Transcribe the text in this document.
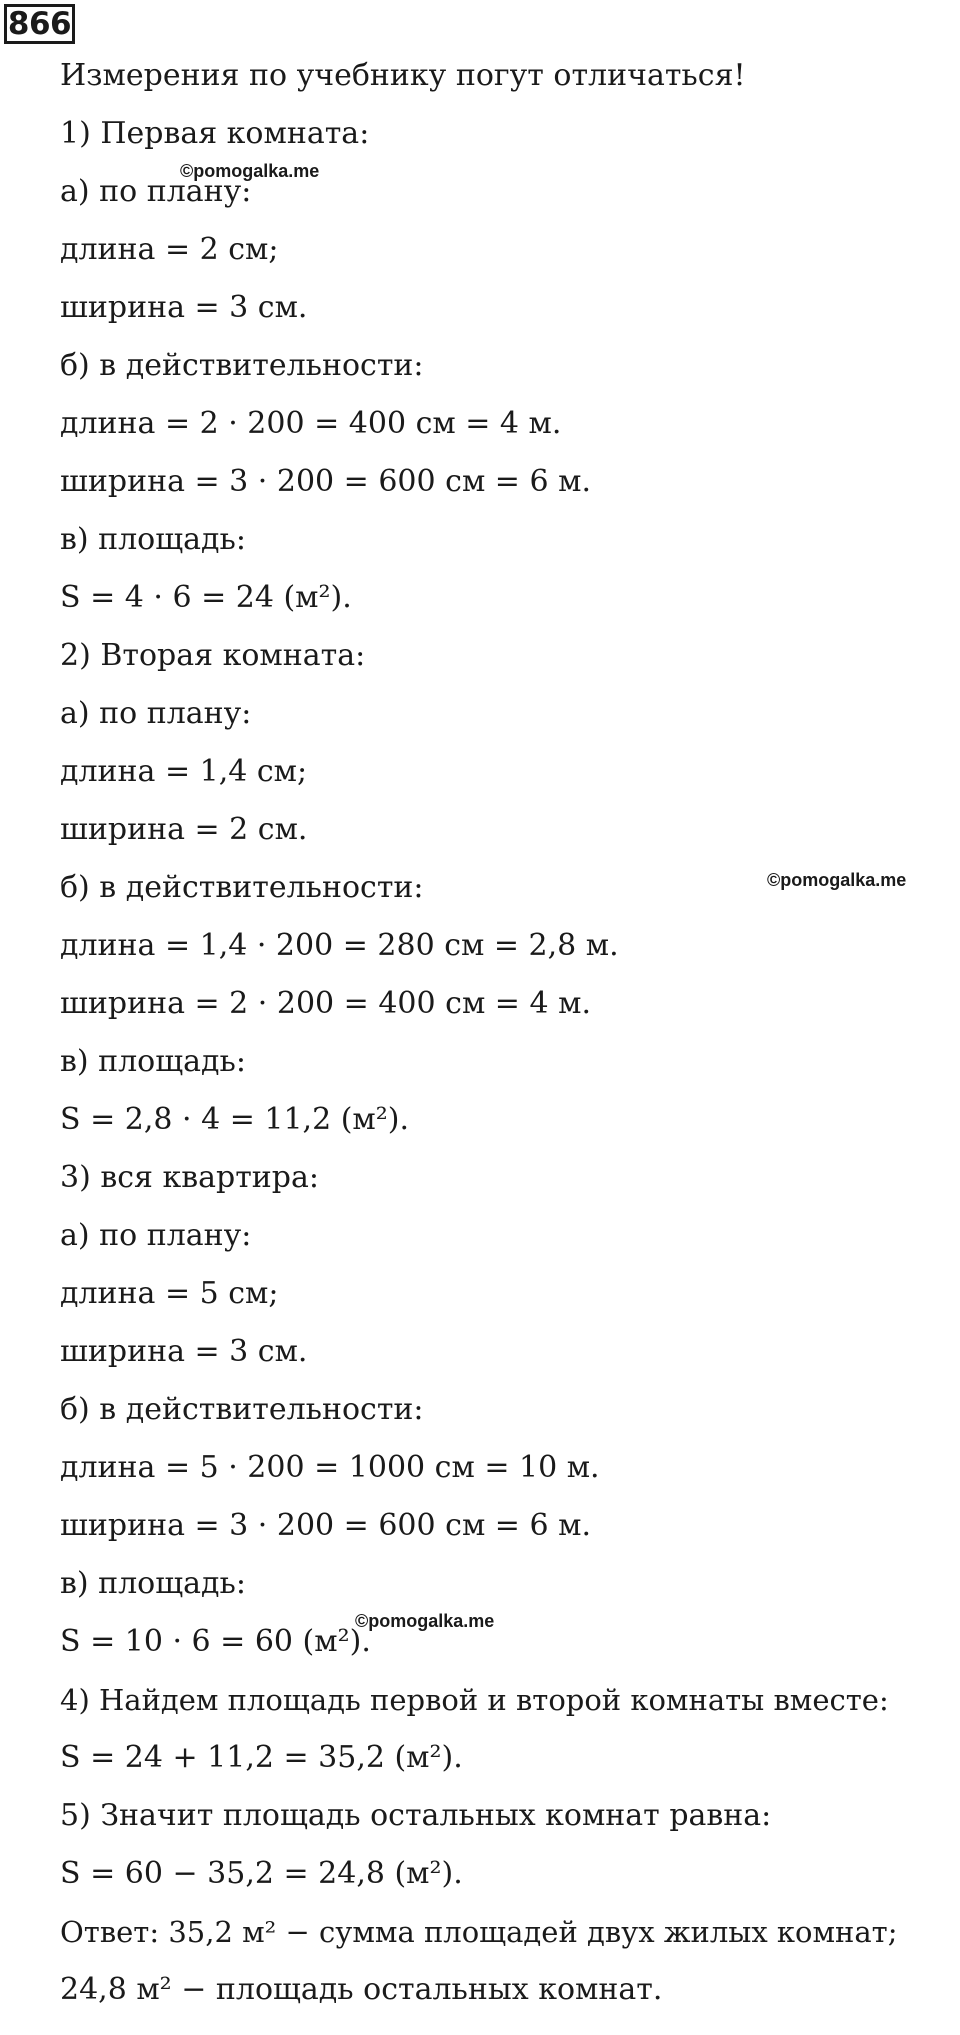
866
Измерения по учебнику погут отличаться!
1) Первая комната:
а) по плану:
длина = 2 см;
ширина = 3 см.
б) в действительности:
длина = 2 · 200 = 400 см = 4 м.
ширина = 3 · 200 = 600 см = 6 м.
в) площадь:
S = 4 · 6 = 24 (м²).
2) Вторая комната:
а) по плану:
длина = 1,4 см;
ширина = 2 см.
б) в действительности:
длина = 1,4 · 200 = 280 см = 2,8 м.
ширина = 2 · 200 = 400 см = 4 м.
в) площадь:
S = 2,8 · 4 = 11,2 (м²).
3) вся квартира:
а) по плану:
длина = 5 см;
ширина = 3 см.
б) в действительности:
длина = 5 · 200 = 1000 см = 10 м.
ширина = 3 · 200 = 600 см = 6 м.
в) площадь:
S = 10 · 6 = 60 (м²).
4) Найдем площадь первой и второй комнаты вместе:
S = 24 + 11,2 = 35,2 (м²).
5) Значит площадь остальных комнат равна:
S = 60 − 35,2 = 24,8 (м²).
Ответ: 35,2 м² − сумма площадей двух жилых комнат;
24,8 м² − площадь остальных комнат.
©pomogalka.me
©pomogalka.me
©pomogalka.me
